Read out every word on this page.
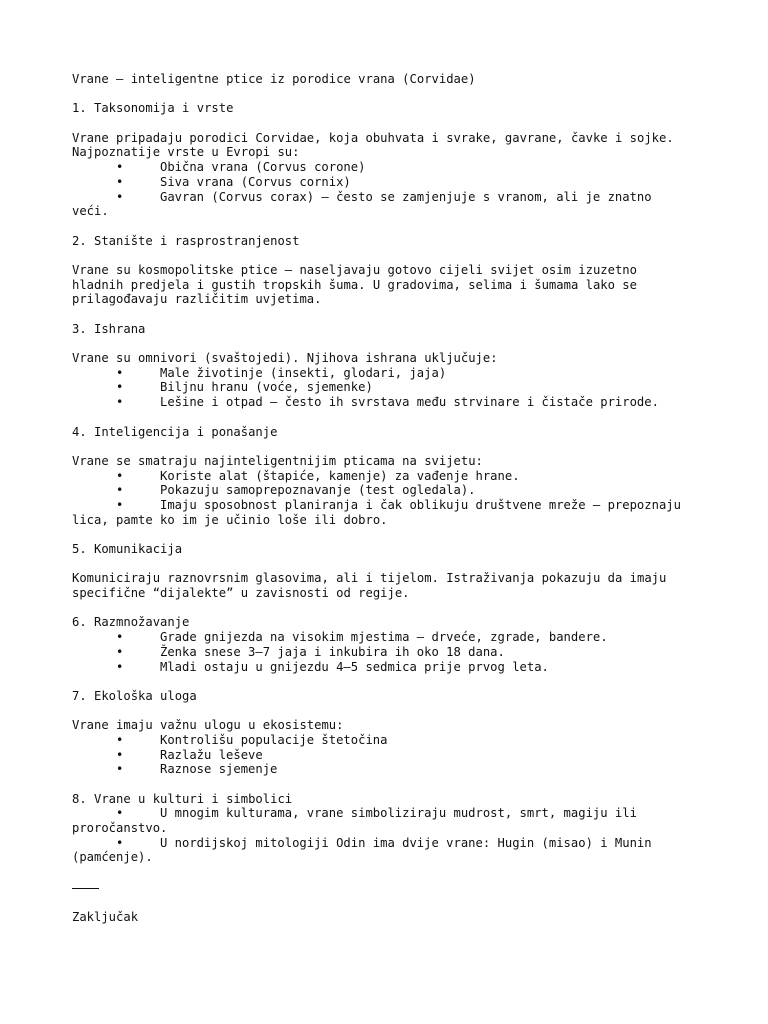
Vrane – inteligentne ptice iz porodice vrana (Corvidae)
1. Taksonomija i vrste
Vrane pripadaju porodici Corvidae, koja obuhvata i svrake, gavrane, čavke i sojke.
Najpoznatije vrste u Evropi su:
•	Obična vrana (Corvus corone)
•	Siva vrana (Corvus cornix)
•	Gavran (Corvus corax) – često se zamjenjuje s vranom, ali je znatno
veći.
2. Stanište i rasprostranjenost
Vrane su kosmopolitske ptice – naseljavaju gotovo cijeli svijet osim izuzetno
hladnih predjela i gustih tropskih šuma. U gradovima, selima i šumama lako se
prilagođavaju različitim uvjetima.
3. Ishrana
Vrane su omnivori (svaštojedi). Njihova ishrana uključuje:
•	Male životinje (insekti, glodari, jaja)
•	Biljnu hranu (voće, sjemenke)
•	Lešine i otpad – često ih svrstava među strvinare i čistače prirode.
4. Inteligencija i ponašanje
Vrane se smatraju najinteligentnijim pticama na svijetu:
•	Koriste alat (štapiće, kamenje) za vađenje hrane.
•	Pokazuju samoprepoznavanje (test ogledala).
•	Imaju sposobnost planiranja i čak oblikuju društvene mreže – prepoznaju
lica, pamte ko im je učinio loše ili dobro.
5. Komunikacija
Komuniciraju raznovrsnim glasovima, ali i tijelom. Istraživanja pokazuju da imaju
specifične “dijalekte” u zavisnosti od regije.
6. Razmnožavanje
•	Grade gnijezda na visokim mjestima – drveće, zgrade, bandere.
•	Ženka snese 3–7 jaja i inkubira ih oko 18 dana.
•	Mladi ostaju u gnijezdu 4–5 sedmica prije prvog leta.
7. Ekološka uloga
Vrane imaju važnu ulogu u ekosistemu:
•	Kontrolišu populacije štetočina
•	Razlažu leševe
•	Raznose sjemenje
8. Vrane u kulturi i simbolici
•	U mnogim kulturama, vrane simboliziraju mudrost, smrt, magiju ili
proročanstvo.
•	U nordijskoj mitologiji Odin ima dvije vrane: Hugin (misao) i Munin
(pamćenje).
Zaključak
